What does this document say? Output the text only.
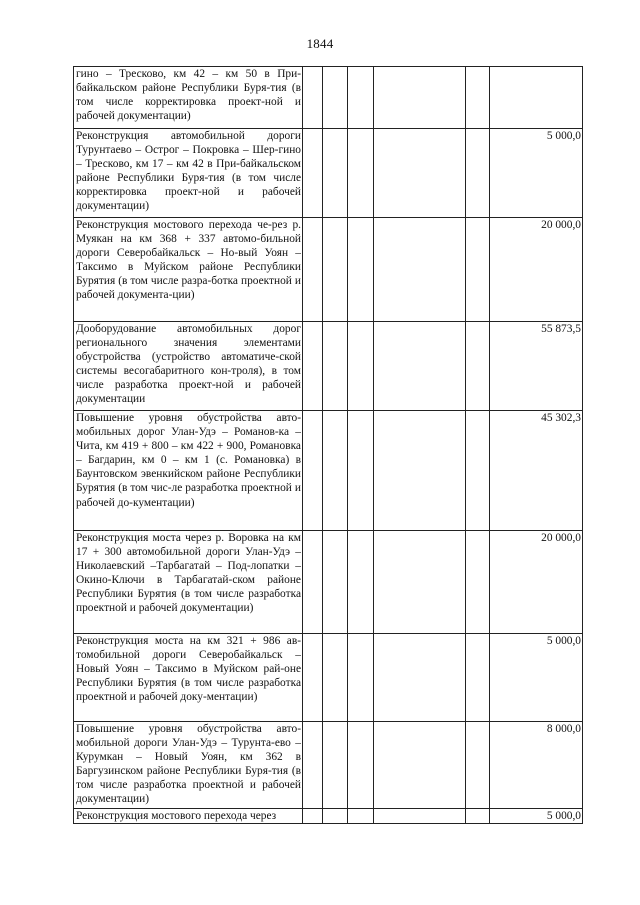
1844
гино – Тресково, км 42 – км 50 в При-байкальском районе Республики Буря-тия (в том числе корректировка проект-ной и рабочей документации)						
Реконструкция автомобильной дороги Турунтаево – Острог – Покровка – Шер-гино – Тресково, км 17 – км 42 в При-байкальском районе Республики Буря-тия (в том числе корректировка проект-ной и рабочей документации)						5 000,0
Реконструкция мостового перехода че-рез р. Муякан на км 368 + 337 автомо-бильной дороги Северобайкальск – Но-вый Уоян – Таксимо в Муйском районе Республики Бурятия (в том числе разра-ботка проектной и рабочей документа-ции)						20 000,0
Дооборудование автомобильных дорог регионального значения элементами обустройства (устройство автоматиче-ской системы весогабаритного кон-троля), в том числе разработка проект-ной и рабочей документации						55 873,5
Повышение уровня обустройства авто-мобильных дорог Улан-Удэ – Романов-ка – Чита, км 419 + 800 – км 422 + 900, Романовка – Багдарин, км 0 – км 1 (с. Романовка) в Баунтовском эвенкийском районе Республики Бурятия (в том чис-ле разработка проектной и рабочей до-кументации)						45 302,3
Реконструкция моста через р. Воровка на км 17 + 300 автомобильной дороги Улан-Удэ – Николаевский –Тарбагатай – Под-лопатки – Окино-Ключи в Тарбагатай-ском районе Республики Бурятия (в том числе разработка проектной и рабочей документации)						20 000,0
Реконструкция моста на км 321 + 986 ав-томобильной дороги Северобайкальск – Новый Уоян – Таксимо в Муйском рай-оне Республики Бурятия (в том числе разработка проектной и рабочей доку-ментации)						5 000,0
Повышение уровня обустройства авто-мобильной дороги Улан-Удэ – Турунта-ево – Курумкан – Новый Уоян, км 362 в Баргузинском районе Республики Буря-тия (в том числе разработка проектной и рабочей документации)						8 000,0
Реконструкция мостового перехода через						5 000,0
